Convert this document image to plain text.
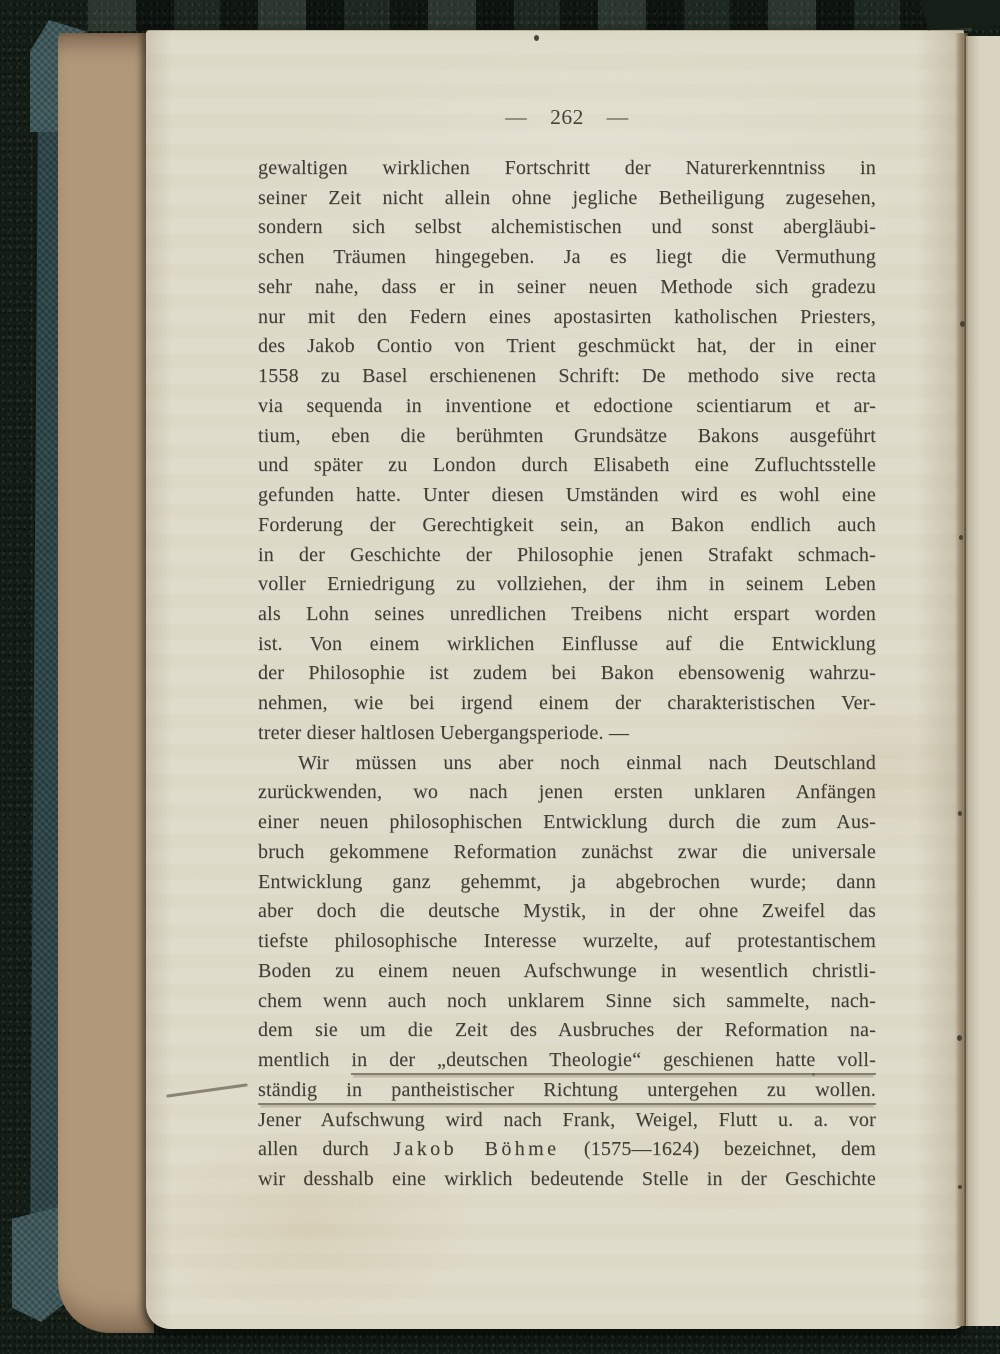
— 262 —
gewaltigen wirklichen Fortschritt der Naturerkenntniss in
seiner Zeit nicht allein ohne jegliche Betheiligung zugesehen,
sondern sich selbst alchemistischen und sonst abergläubi-
schen Träumen hingegeben. Ja es liegt die Vermuthung
sehr nahe, dass er in seiner neuen Methode sich gradezu
nur mit den Federn eines apostasirten katholischen Priesters,
des Jakob Contio von Trient geschmückt hat, der in einer
1558 zu Basel erschienenen Schrift: De methodo sive recta
via sequenda in inventione et edoctione scientiarum et ar-
tium, eben die berühmten Grundsätze Bakons ausgeführt
und später zu London durch Elisabeth eine Zufluchtsstelle
gefunden hatte. Unter diesen Umständen wird es wohl eine
Forderung der Gerechtigkeit sein, an Bakon endlich auch
in der Geschichte der Philosophie jenen Strafakt schmach-
voller Erniedrigung zu vollziehen, der ihm in seinem Leben
als Lohn seines unredlichen Treibens nicht erspart worden
ist. Von einem wirklichen Einflusse auf die Entwicklung
der Philosophie ist zudem bei Bakon ebensowenig wahrzu-
nehmen, wie bei irgend einem der charakteristischen Ver-
treter dieser haltlosen Uebergangsperiode. —
Wir müssen uns aber noch einmal nach Deutschland
zurückwenden, wo nach jenen ersten unklaren Anfängen
einer neuen philosophischen Entwicklung durch die zum Aus-
bruch gekommene Reformation zunächst zwar die universale
Entwicklung ganz gehemmt, ja abgebrochen wurde; dann
aber doch die deutsche Mystik, in der ohne Zweifel das
tiefste philosophische Interesse wurzelte, auf protestantischem
Boden zu einem neuen Aufschwunge in wesentlich christli-
chem wenn auch noch unklarem Sinne sich sammelte, nach-
dem sie um die Zeit des Ausbruches der Reformation na-
mentlich in der „deutschen Theologie“ geschienen hatte voll-
ständig in pantheistischer Richtung untergehen zu wollen.
Jener Aufschwung wird nach Frank, Weigel, Flutt u. a. vor
allen durch Jakob Böhme (1575—1624) bezeichnet, dem
wir desshalb eine wirklich bedeutende Stelle in der Geschichte
